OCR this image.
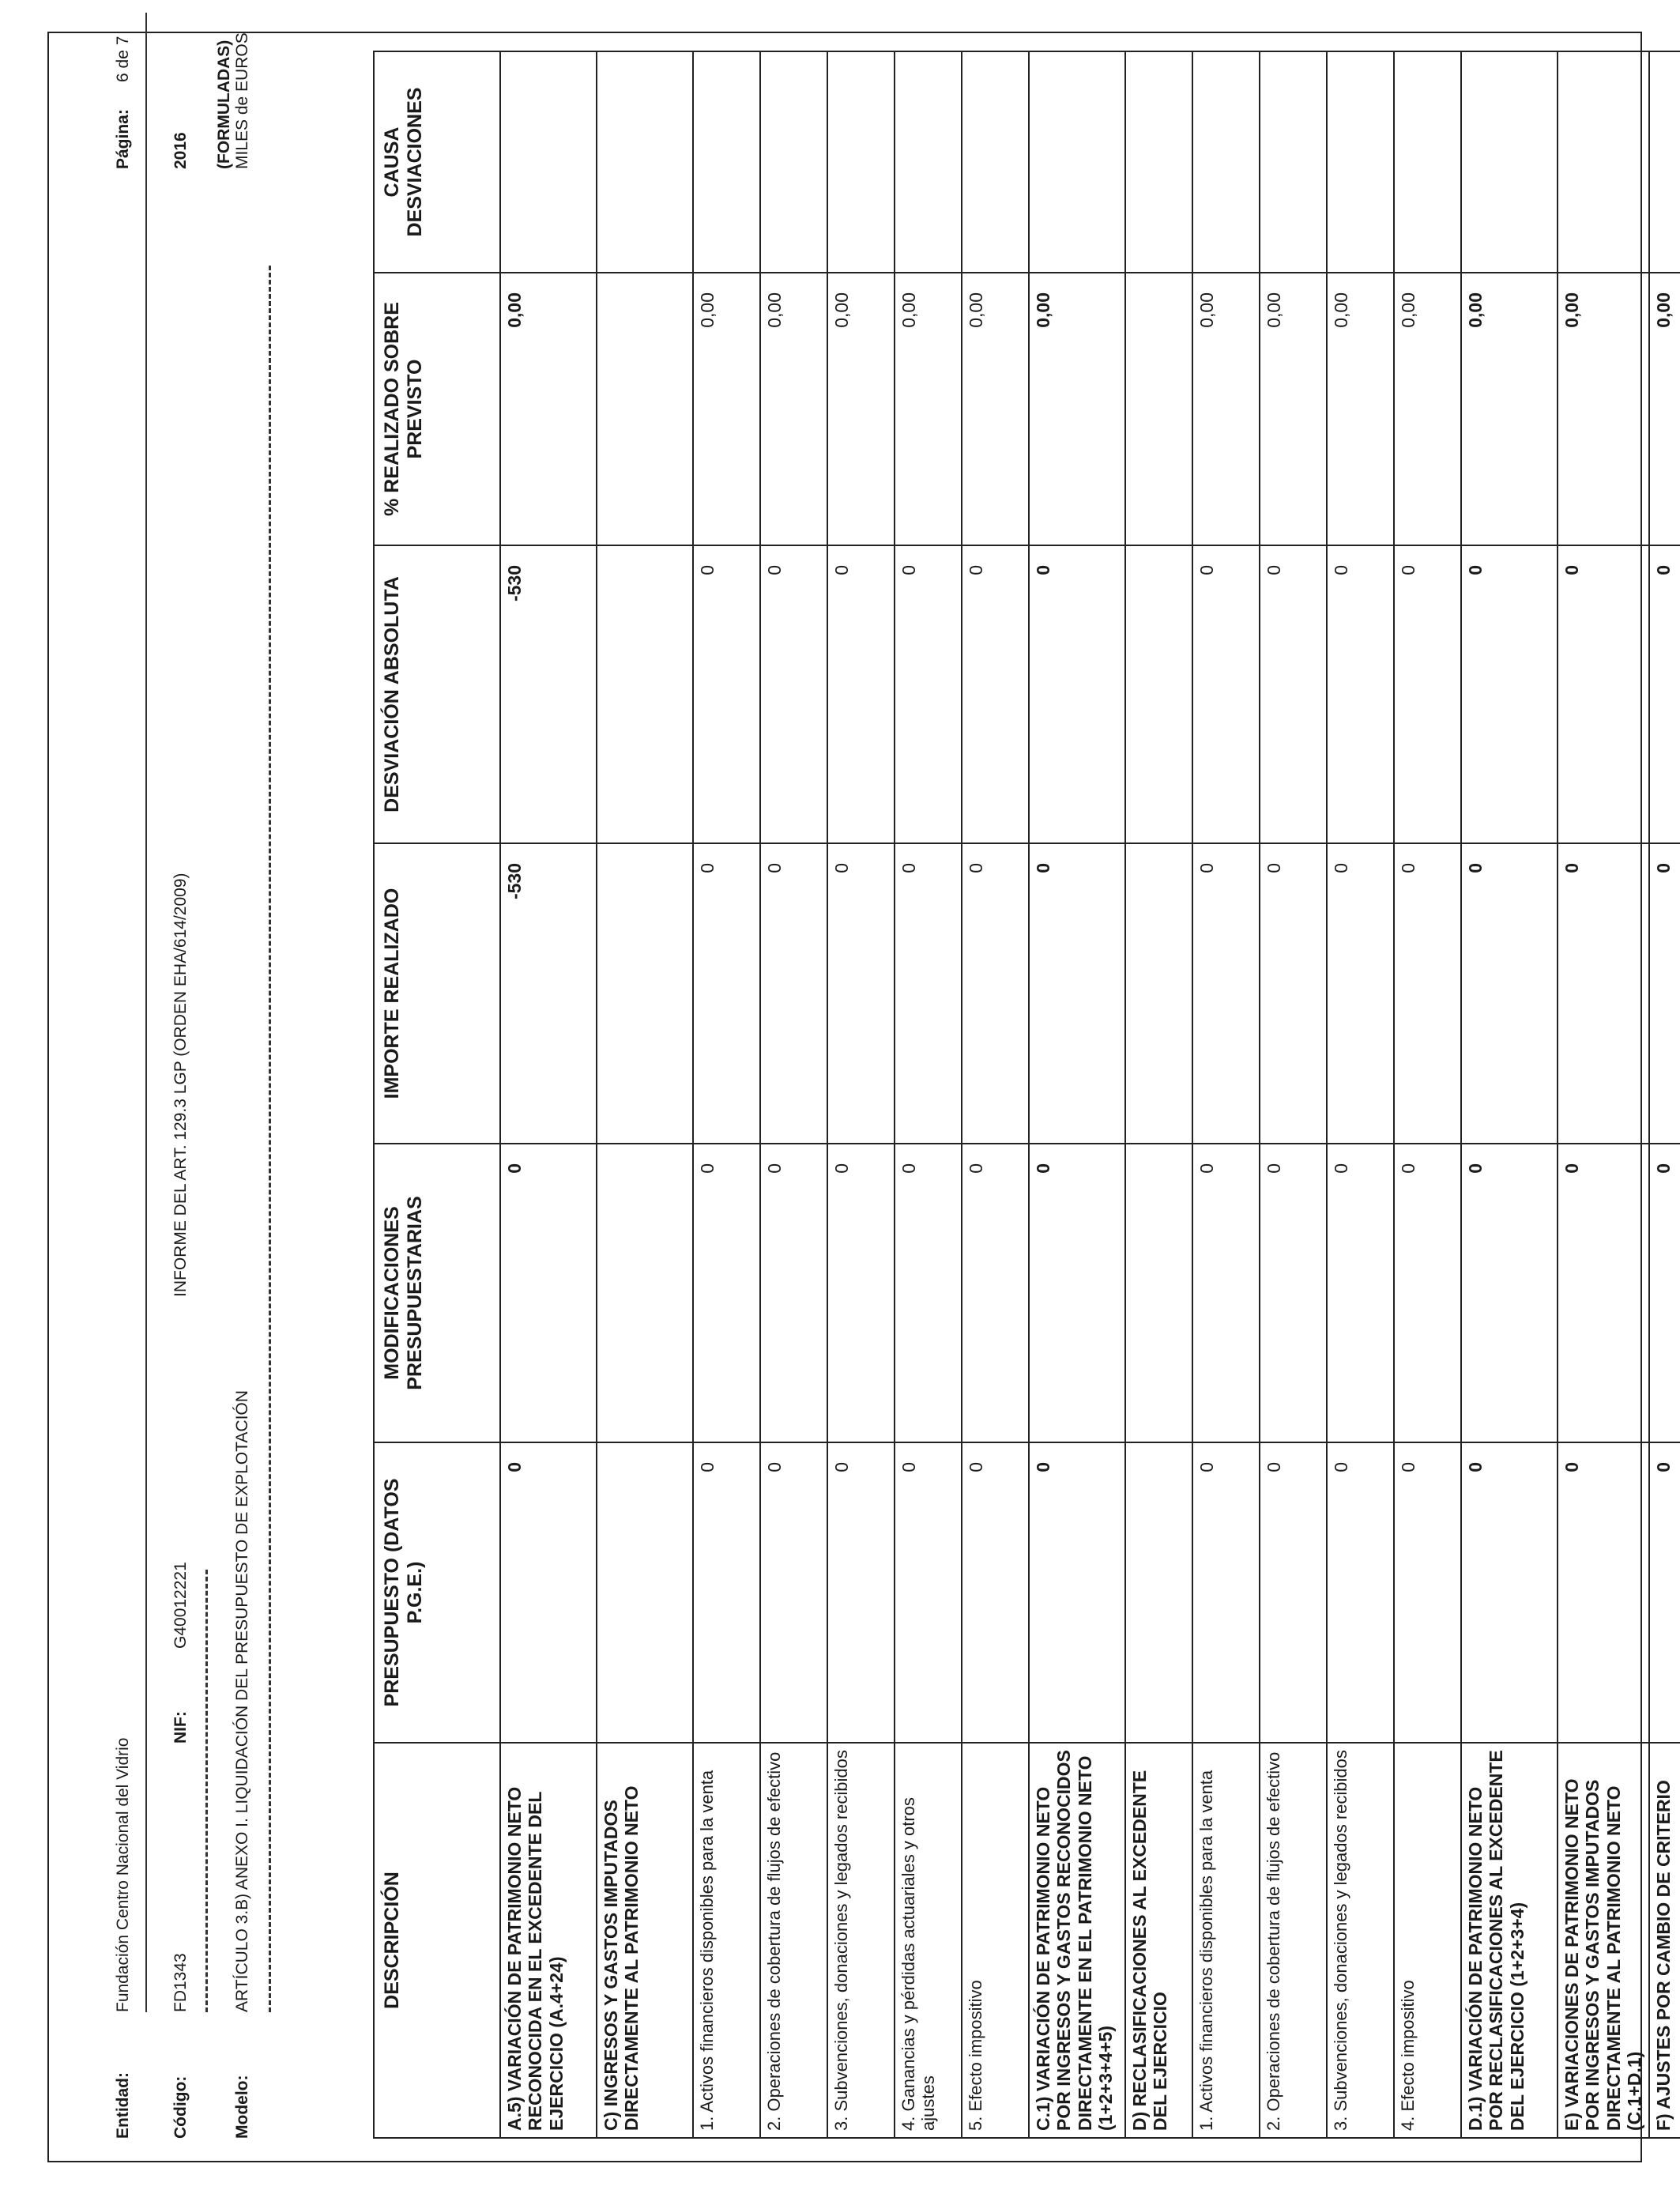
Entidad:
Fundación Centro Nacional del Vidrio
Código:
FD1343
NIF:
G40012221
INFORME DEL ART. 129.3 LGP (ORDEN EHA/614/2009)
Modelo:
ARTÍCULO 3.B) ANEXO I. LIQUIDACIÓN DEL PRESUPUESTO DE EXPLOTACIÓN
Página:
6 de 7
2016 (FORMULADAS) MILES de EUROS
DESCRIPCIÓN	PRESUPUESTO (DATOS P.G.E.)	MODIFICACIONES PRESUPUESTARIAS	IMPORTE REALIZADO	DESVIACIÓN ABSOLUTA	% REALIZADO SOBRE PREVISTO	CAUSA DESVIACIONES
A.5) VARIACIÓN DE PATRIMONIO NETO RECONOCIDA EN EL EXCEDENTE DEL EJERCICIO (A.4+24)	0	0	-530	-530	0,00	
C) INGRESOS Y GASTOS IMPUTADOS DIRECTAMENTE AL PATRIMONIO NETO						
1. Activos financieros disponibles para la venta	0	0	0	0	0,00	
2. Operaciones de cobertura de flujos de efectivo	0	0	0	0	0,00	
3. Subvenciones, donaciones y legados recibidos	0	0	0	0	0,00	
4. Ganancias y pérdidas actuariales y otros ajustes	0	0	0	0	0,00	
5. Efecto impositivo	0	0	0	0	0,00	
C.1) VARIACIÓN DE PATRIMONIO NETO POR INGRESOS Y GASTOS RECONOCIDOS DIRECTAMENTE EN EL PATRIMONIO NETO (1+2+3+4+5)	0	0	0	0	0,00	
D) RECLASIFICACIONES AL EXCEDENTE DEL EJERCICIO						
1. Activos financieros disponibles para la venta	0	0	0	0	0,00	
2. Operaciones de cobertura de flujos de efectivo	0	0	0	0	0,00	
3. Subvenciones, donaciones y legados recibidos	0	0	0	0	0,00	
4. Efecto impositivo	0	0	0	0	0,00	
D.1) VARIACIÓN DE PATRIMONIO NETO POR RECLASIFICACIONES AL EXCEDENTE DEL EJERCICIO (1+2+3+4)	0	0	0	0	0,00	
E) VARIACIONES DE PATRIMONIO NETO POR INGRESOS Y GASTOS IMPUTADOS DIRECTAMENTE AL PATRIMONIO NETO (C.1+D.1)	0	0	0	0	0,00	
F) AJUSTES POR CAMBIO DE CRITERIO	0	0	0	0	0,00	
